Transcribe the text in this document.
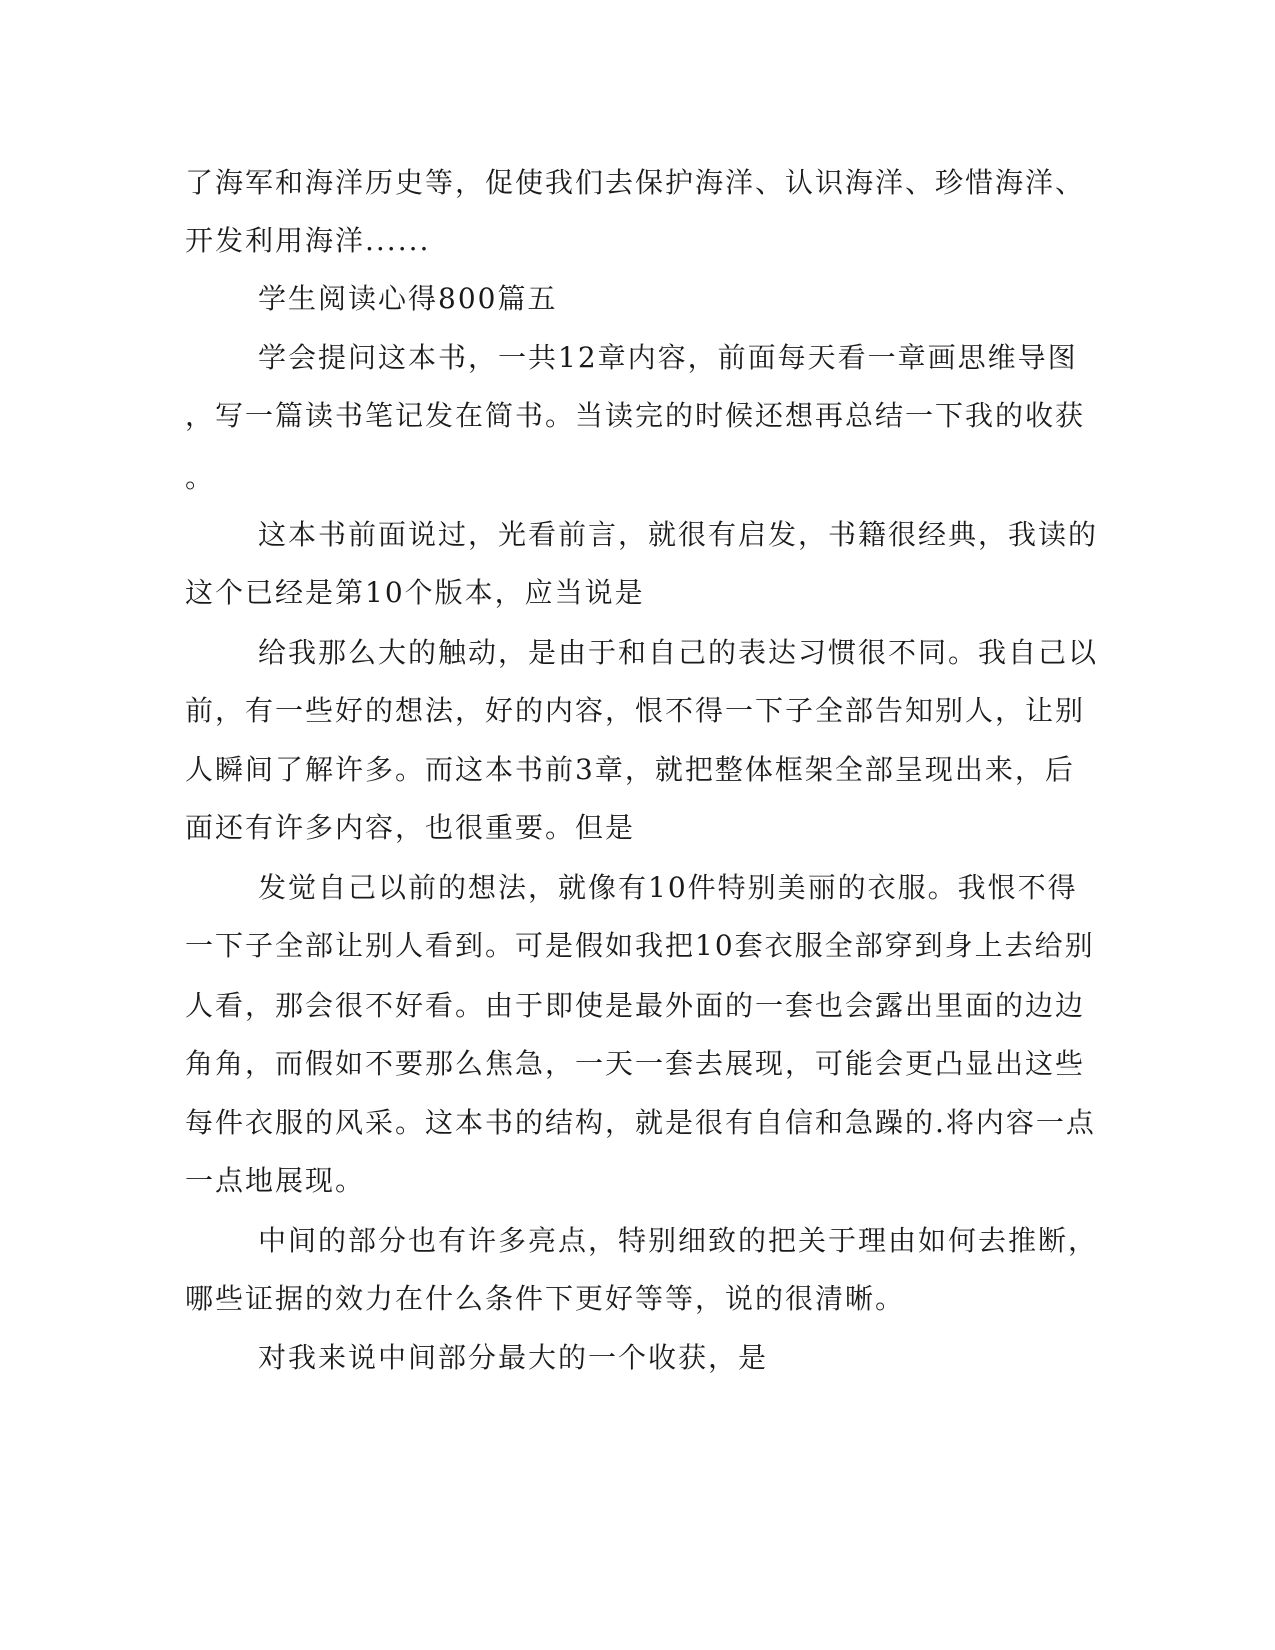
了海军和海洋历史等，促使我们去保护海洋、认识海洋、珍惜海洋、
开发利用海洋......
学生阅读心得800篇五
学会提问这本书，一共12章内容，前面每天看一章画思维导图
，写一篇读书笔记发在简书。当读完的时候还想再总结一下我的收获
。
这本书前面说过，光看前言，就很有启发，书籍很经典，我读的
这个已经是第10个版本，应当说是
给我那么大的触动，是由于和自己的表达习惯很不同。我自己以
前，有一些好的想法，好的内容，恨不得一下子全部告知别人，让别
人瞬间了解许多。而这本书前3章，就把整体框架全部呈现出来，后
面还有许多内容，也很重要。但是
发觉自己以前的想法，就像有10件特别美丽的衣服。我恨不得
一下子全部让别人看到。可是假如我把10套衣服全部穿到身上去给别
人看，那会很不好看。由于即使是最外面的一套也会露出里面的边边
角角，而假如不要那么焦急，一天一套去展现，可能会更凸显出这些
每件衣服的风采。这本书的结构，就是很有自信和急躁的.将内容一点
一点地展现。
中间的部分也有许多亮点，特别细致的把关于理由如何去推断，
哪些证据的效力在什么条件下更好等等，说的很清晰。
对我来说中间部分最大的一个收获，是
